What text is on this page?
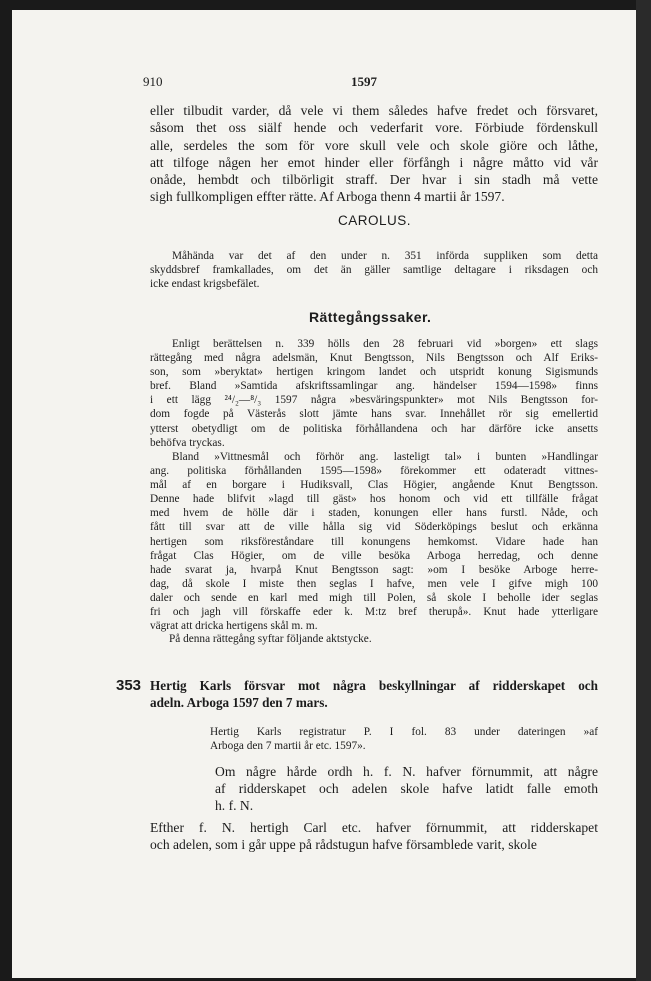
910	1597
eller tilbudit varder, då vele vi them således hafve fredet och försvaret,
såsom thet oss siälf hende och vederfarit vore. Förbiude fördenskull
alle, serdeles the som för vore skull vele och skole giöre och låthe,
att tilfoge någen her emot hinder eller förfångh i någre måtto vid vår
onåde, hembdt och tilbörligit straff. Der hvar i sin stadh må vette
sigh fullkompligen effter rätte. Af Arboga thenn 4 martii år 1597.
CAROLUS.
Måhända var det af den under n. 351 införda suppliken som detta
skyddsbref framkallades, om det än gäller samtlige deltagare i riksdagen och
icke endast krigsbefälet.
Rättegångssaker.
Enligt berättelsen n. 339 hölls den 28 februari vid »borgen» ett slags
rättegång med några adelsmän, Knut Bengtsson, Nils Bengtsson och Alf Eriks-
son, som »beryktat» hertigen kringom landet och utspridt konung Sigismunds
bref. Bland »Samtida afskriftssamlingar ang. händelser 1594—1598» finns
i ett lägg ²⁴/₂—⁸/₃ 1597 några »besväringspunkter» mot Nils Bengtsson for-
dom fogde på Västerås slott jämte hans svar. Innehållet rör sig emellertid
ytterst obetydligt om de politiska förhållandena och har därföre icke ansetts
behöfva tryckas.
Bland »Vittnesmål och förhör ang. lasteligt tal» i bunten »Handlingar
ang. politiska förhållanden 1595—1598» förekommer ett odateradt vittnes-
mål af en borgare i Hudiksvall, Clas Högier, angående Knut Bengtsson.
Denne hade blifvit »lagd till gäst» hos honom och vid ett tillfälle frågat
med hvem de hölle där i staden, konungen eller hans furstl. Nåde, och
fått till svar att de ville hålla sig vid Söderköpings beslut och erkänna
hertigen som riksföreståndare till konungens hemkomst. Vidare hade han
frågat Clas Högier, om de ville besöka Arboga herredag, och denne
hade svarat ja, hvarpå Knut Bengtsson sagt: »om I besöke Arboge herre-
dag, då skole I miste then seglas I hafve, men vele I gifve migh 100
daler och sende en karl med migh till Polen, så skole I beholle ider seglas
fri och jagh vill förskaffe eder k. M:tz bref therupå». Knut hade ytterligare
vägrat att dricka hertigens skål m. m.
På denna rättegång syftar följande aktstycke.
353 Hertig Karls försvar mot några beskyllningar af ridderskapet och
adeln. Arboga 1597 den 7 mars.
Hertig Karls registratur P. I fol. 83 under dateringen »af
Arboga den 7 martii år etc. 1597».
Om någre hårde ordh h. f. N. hafver förnummit, att någre
af ridderskapet och adelen skole hafve latidt falle emoth
h. f. N.
Efther f. N. hertigh Carl etc. hafver förnummit, att ridderskapet
och adelen, som i går uppe på rådstugun hafve församblede varit, skole
